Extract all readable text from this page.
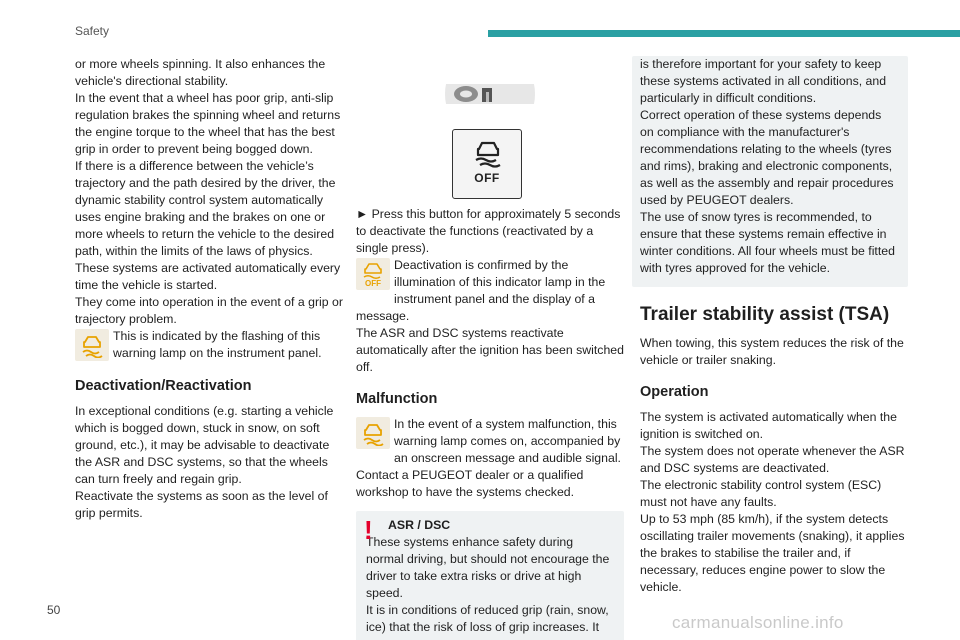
Safety

or more wheels spinning. It also enhances the vehicle's directional stability.

In the event that a wheel has poor grip, anti-slip regulation brakes the spinning wheel and returns the engine torque to the wheel that has the best grip in order to prevent being bogged down.

If there is a difference between the vehicle’s trajectory and the path desired by the driver, the dynamic stability control system automatically uses engine braking and the brakes on one or more wheels to return the vehicle to the desired path, within the limits of the laws of physics.

These systems are activated automatically every time the vehicle is started.

They come into operation in the event of a grip or trajectory problem.

This is indicated by the flashing of this warning lamp on the instrument panel.

Deactivation/Reactivation

In exceptional conditions (e.g. starting a vehicle which is bogged down, stuck in snow, on soft ground, etc.), it may be advisable to deactivate the ASR and DSC systems, so that the wheels can turn freely and regain grip.

Reactivate the systems as soon as the level of grip permits.

OFF

► Press this button for approximately 5 seconds to deactivate the functions (reactivated by a single press).

OFF

Deactivation is confirmed by the illumination of this indicator lamp in the instrument panel and the display of a message.

The ASR and DSC systems reactivate automatically after the ignition has been switched off.

Malfunction

In the event of a system malfunction, this warning lamp comes on, accompanied by an onscreen message and audible signal.

Contact a PEUGEOT dealer or a qualified workshop to have the systems checked.

!	ASR / DSC

These systems enhance safety during normal driving, but should not encourage the driver to take extra risks or drive at high speed.

It is in conditions of reduced grip (rain, snow, ice) that the risk of loss of grip increases. It

is therefore important for your safety to keep these systems activated in all conditions, and particularly in difficult conditions.

Correct operation of these systems depends on compliance with the manufacturer's recommendations relating to the wheels (tyres and rims), braking and electronic components, as well as the assembly and repair procedures used by PEUGEOT dealers.

The use of snow tyres is recommended, to ensure that these systems remain effective in winter conditions. All four wheels must be fitted with tyres approved for the vehicle.

Trailer stability assist (TSA)

When towing, this system reduces the risk of the vehicle or trailer snaking.

Operation

The system is activated automatically when the ignition is switched on.

The system does not operate whenever the ASR and DSC systems are deactivated.

The electronic stability control system (ESC) must not have any faults.

Up to 53 mph (85 km/h), if the system detects oscillating trailer movements (snaking), it applies the brakes to stabilise the trailer and, if necessary, reduces engine power to slow the vehicle.

50
carmanualsonline.info
